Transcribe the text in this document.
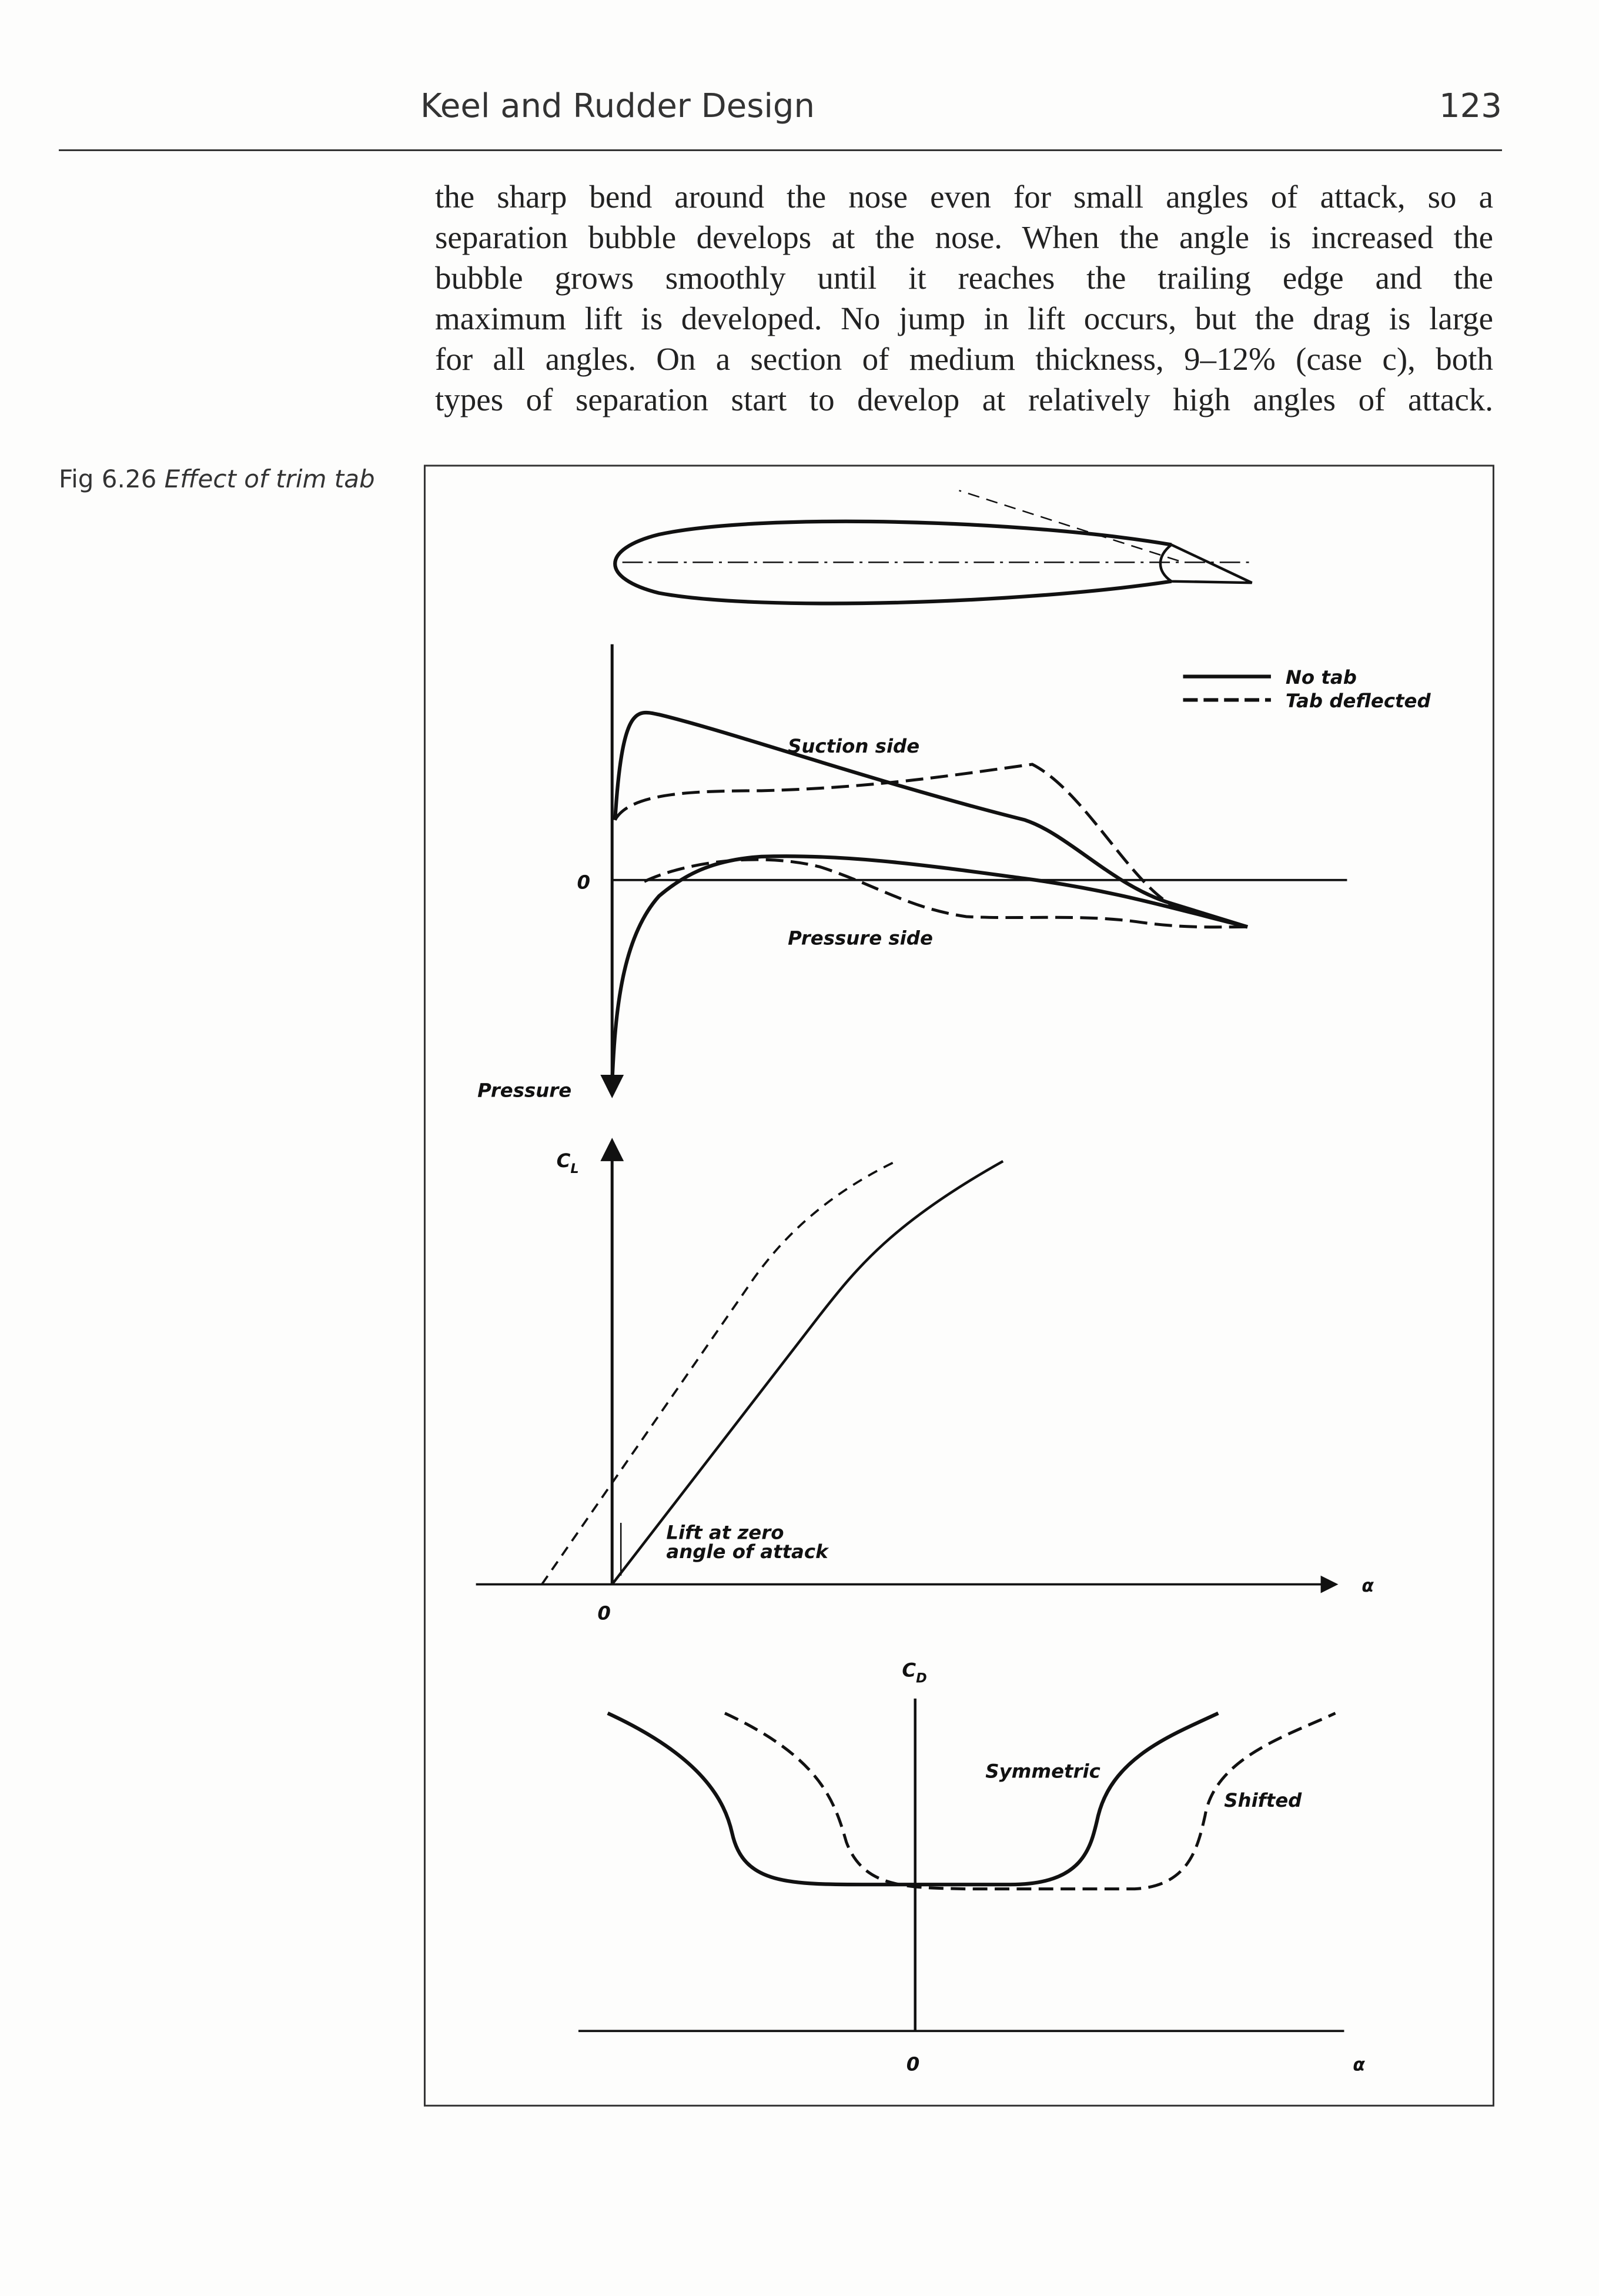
Keel and Rudder Design	123
the sharp bend around the nose even for small angles of attack, so a
separation bubble develops at the nose. When the angle is increased the
bubble grows smoothly until it reaches the trailing edge and the
maximum lift is developed. No jump in lift occurs, but the drag is large
for all angles. On a section of medium thickness, 9–12% (case c), both
types of separation start to develop at relatively high angles of attack.
Fig 6.26 Effect of trim tab
No tab
Tab deflected
0
Pressure
Suction side
Pressure side
$C_L$
α
0
Lift at zero
angle of attack
$C_D$
0	α
Symmetric
Shifted
